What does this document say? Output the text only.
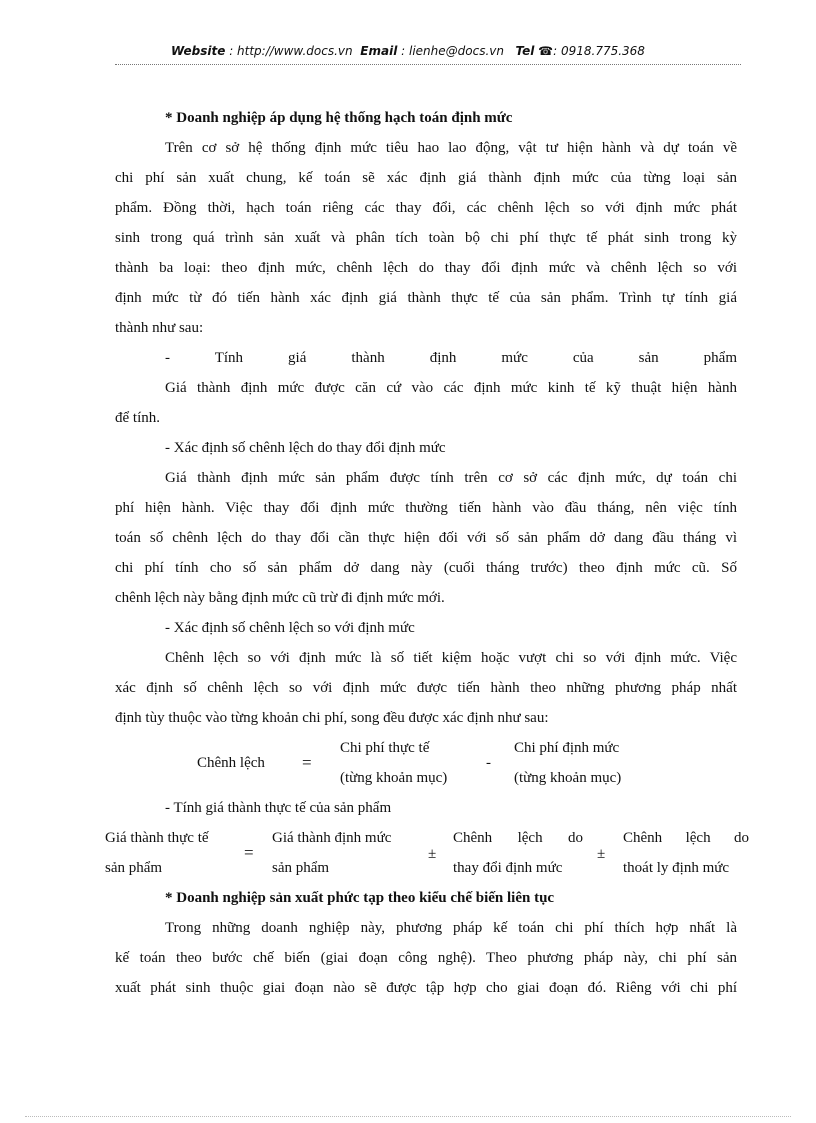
Website : http://www.docs.vn Email : lienhe@docs.vn Tel ☎: 0918.775.368
* Doanh nghiệp áp dụng hệ thống hạch toán định mức
Trên cơ sở hệ thống định mức tiêu hao lao động, vật tư hiện hành và dự toán về
chi phí sản xuất chung, kế toán sẽ xác định giá thành định mức của từng loại sản
phẩm. Đồng thời, hạch toán riêng các thay đổi, các chênh lệch so với định mức phát
sinh trong quá trình sản xuất và phân tích toàn bộ chi phí thực tế phát sinh trong kỳ
thành ba loại: theo định mức, chênh lệch do thay đổi định mức và chênh lệch so với
định mức từ đó tiến hành xác định giá thành thực tế của sản phẩm. Trình tự tính giá
thành như sau:
- Tính giá thành định mức của sản phẩm
Giá thành định mức được căn cứ vào các định mức kinh tế kỹ thuật hiện hành
để tính.
- Xác định số chênh lệch do thay đổi định mức
Giá thành định mức sản phẩm được tính trên cơ sở các định mức, dự toán chi
phí hiện hành. Việc thay đổi định mức thường tiến hành vào đầu tháng, nên việc tính
toán số chênh lệch do thay đổi cần thực hiện đối với số sản phẩm dở dang đầu tháng vì
chi phí tính cho số sản phẩm dở dang này (cuối tháng trước) theo định mức cũ. Số
chênh lệch này bằng định mức cũ trừ đi định mức mới.
- Xác định số chênh lệch so với định mức
Chênh lệch so với định mức là số tiết kiệm hoặc vượt chi so với định mức. Việc
xác định số chênh lệch so với định mức được tiến hành theo những phương pháp nhất
định tùy thuộc vào từng khoản chi phí, song đều được xác định như sau:
- Tính giá thành thực tế của sản phẩm
* Doanh nghiệp sản xuất phức tạp theo kiểu chế biến liên tục
Trong những doanh nghiệp này, phương pháp kế toán chi phí thích hợp nhất là
kế toán theo bước chế biến (giai đoạn công nghệ). Theo phương pháp này, chi phí sản
xuất phát sinh thuộc giai đoạn nào sẽ được tập hợp cho giai đoạn đó. Riêng với chi phí
Chênh lệch =
Chi phí thực tế
(từng khoản mục)
-
Chi phí định mức
(từng khoản mục)
Giá thành thực tế
sản phẩm
=
Giá thành định mức
sản phẩm
±
Chênh lệch do
thay đổi định mức
±
Chênh lệch do
thoát ly định mức
